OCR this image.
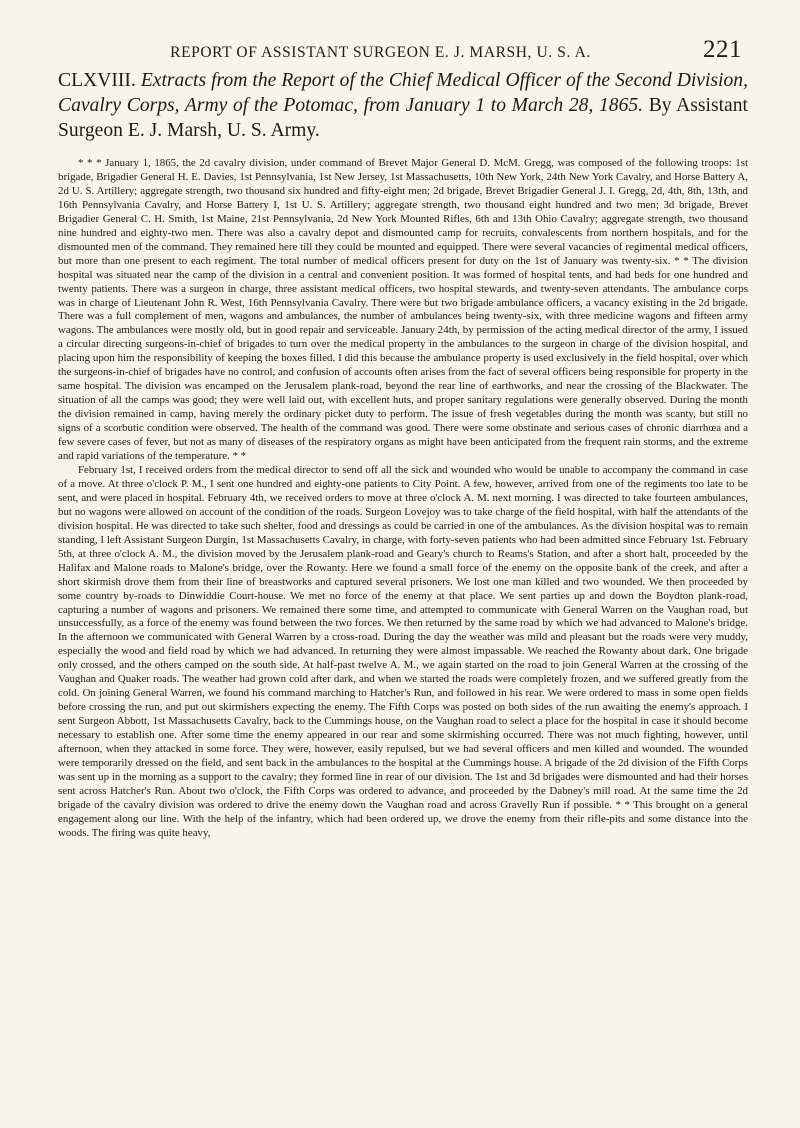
REPORT OF ASSISTANT SURGEON E. J. MARSH, U. S. A.	221
CLXVIII. Extracts from the Report of the Chief Medical Officer of the Second Division, Cavalry Corps, Army of the Potomac, from January 1 to March 28, 1865. By Assistant Surgeon E. J. Marsh, U. S. Army.

* * * January 1, 1865, the 2d cavalry division, under command of Brevet Major General D. McM. Gregg, was composed of the following troops: 1st brigade, Brigadier General H. E. Davies, 1st Pennsylvania, 1st New Jersey, 1st Massachusetts, 10th New York, 24th New York Cavalry, and Horse Battery A, 2d U. S. Artillery; aggregate strength, two thousand six hundred and fifty-eight men; 2d brigade, Brevet Brigadier General J. I. Gregg, 2d, 4th, 8th, 13th, and 16th Pennsylvania Cavalry, and Horse Battery I, 1st U. S. Artillery; aggregate strength, two thousand eight hundred and two men; 3d brigade, Brevet Brigadier General C. H. Smith, 1st Maine, 21st Pennsylvania, 2d New York Mounted Rifles, 6th and 13th Ohio Cavalry; aggregate strength, two thousand nine hundred and eighty-two men. There was also a cavalry depot and dismounted camp for recruits, convalescents from northern hospitals, and for the dismounted men of the command. They remained here till they could be mounted and equipped. There were several vacancies of regimental medical officers, but more than one present to each regiment. The total number of medical officers present for duty on the 1st of January was twenty-six. * * The division hospital was situated near the camp of the division in a central and convenient position. It was formed of hospital tents, and had beds for one hundred and twenty patients. There was a surgeon in charge, three assistant medical officers, two hospital stewards, and twenty-seven attendants. The ambulance corps was in charge of Lieutenant John R. West, 16th Pennsylvania Cavalry. There were but two brigade ambulance officers, a vacancy existing in the 2d brigade. There was a full complement of men, wagons and ambulances, the number of ambulances being twenty-six, with three medicine wagons and fifteen army wagons. The ambulances were mostly old, but in good repair and serviceable. January 24th, by permission of the acting medical director of the army, I issued a circular directing surgeons-in-chief of brigades to turn over the medical property in the ambulances to the surgeon in charge of the division hospital, and placing upon him the responsibility of keeping the boxes filled. I did this because the ambulance property is used exclusively in the field hospital, over which the surgeons-in-chief of brigades have no control, and confusion of accounts often arises from the fact of several officers being responsible for property in the same hospital. The division was encamped on the Jerusalem plank-road, beyond the rear line of earthworks, and near the crossing of the Blackwater. The situation of all the camps was good; they were well laid out, with excellent huts, and proper sanitary regulations were generally observed. During the month the division remained in camp, having merely the ordinary picket duty to perform. The issue of fresh vegetables during the month was scanty, but still no signs of a scorbutic condition were observed. The health of the command was good. There were some obstinate and serious cases of chronic diarrhœa and a few severe cases of fever, but not as many of diseases of the respiratory organs as might have been anticipated from the frequent rain storms, and the extreme and rapid variations of the temperature. * *

February 1st, I received orders from the medical director to send off all the sick and wounded who would be unable to accompany the command in case of a move. At three o'clock P. M., I sent one hundred and eighty-one patients to City Point. A few, however, arrived from one of the regiments too late to be sent, and were placed in hospital. February 4th, we received orders to move at three o'clock A. M. next morning. I was directed to take fourteen ambulances, but no wagons were allowed on account of the condition of the roads. Surgeon Lovejoy was to take charge of the field hospital, with half the attendants of the division hospital. He was directed to take such shelter, food and dressings as could be carried in one of the ambulances. As the division hospital was to remain standing, I left Assistant Surgeon Durgin, 1st Massachusetts Cavalry, in charge, with forty-seven patients who had been admitted since February 1st. February 5th, at three o'clock A. M., the division moved by the Jerusalem plank-road and Geary's church to Reams's Station, and after a short halt, proceeded by the Halifax and Malone roads to Malone's bridge, over the Rowanty. Here we found a small force of the enemy on the opposite bank of the creek, and after a short skirmish drove them from their line of breastworks and captured several prisoners. We lost one man killed and two wounded. We then proceeded by some country by-roads to Dinwiddie Court-house. We met no force of the enemy at that place. We sent parties up and down the Boydton plank-road, capturing a number of wagons and prisoners. We remained there some time, and attempted to communicate with General Warren on the Vaughan road, but unsuccessfully, as a force of the enemy was found between the two forces. We then returned by the same road by which we had advanced to Malone's bridge. In the afternoon we communicated with General Warren by a cross-road. During the day the weather was mild and pleasant but the roads were very muddy, especially the wood and field road by which we had advanced. In returning they were almost impassable. We reached the Rowanty about dark. One brigade only crossed, and the others camped on the south side. At half-past twelve A. M., we again started on the road to join General Warren at the crossing of the Vaughan and Quaker roads. The weather had grown cold after dark, and when we started the roads were completely frozen, and we suffered greatly from the cold. On joining General Warren, we found his command marching to Hatcher's Run, and followed in his rear. We were ordered to mass in some open fields before crossing the run, and put out skirmishers expecting the enemy. The Fifth Corps was posted on both sides of the run awaiting the enemy's approach. I sent Surgeon Abbott, 1st Massachusetts Cavalry, back to the Cummings house, on the Vaughan road to select a place for the hospital in case it should become necessary to establish one. After some time the enemy appeared in our rear and some skirmishing occurred. There was not much fighting, however, until afternoon, when they attacked in some force. They were, however, easily repulsed, but we had several officers and men killed and wounded. The wounded were temporarily dressed on the field, and sent back in the ambulances to the hospital at the Cummings house. A brigade of the 2d division of the Fifth Corps was sent up in the morning as a support to the cavalry; they formed line in rear of our division. The 1st and 3d brigades were dismounted and had their horses sent across Hatcher's Run. About two o'clock, the Fifth Corps was ordered to advance, and proceeded by the Dabney's mill road. At the same time the 2d brigade of the cavalry division was ordered to drive the enemy down the Vaughan road and across Gravelly Run if possible. * * This brought on a general engagement along our line. With the help of the infantry, which had been ordered up, we drove the enemy from their rifle-pits and some distance into the woods. The firing was quite heavy,
